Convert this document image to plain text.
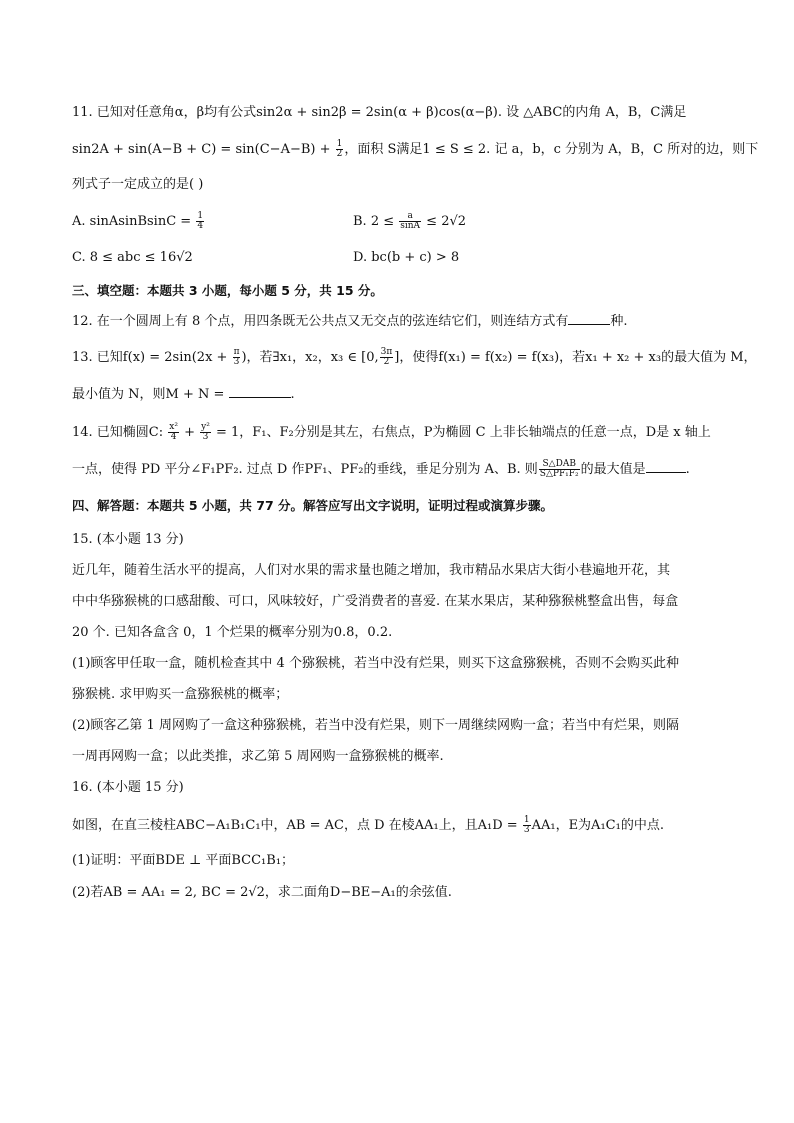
11. 已知对任意角α，β均有公式sin2α + sin2β = 2sin(α + β)cos(α−β). 设 △ABC的内角 A，B，C满足
$\sin 2A + \sin(A-B + C) = \sin(C-A-B) + \frac{1}{2}$ ，面积 S满足1 ≤ S ≤ 2. 记 a，b，c 分别为 A，B，C 所对的边，则下
列式子一定成立的是( )
A. sinAsinBsinC = $\frac{1}{4}$	B. $2 \le \frac{a}{\sin A} \le 2√2$
C. 8 ≤ abc ≤ 16√2	D. bc(b + c) > 8
三、填空题：本题共 3 小题，每小题 5 分，共 15 分。
12. 在一个圆周上有 8 个点，用四条既无公共点又无交点的弦连结它们，则连结方式有	种.
13. 已知$f(x) = 2\sin(2x + \frac{\pi}{3}$ )，若∃x₁，x₂，x₃ ∈ [0, $\frac{3\pi}{2}$ ]，使得f(x₁) = f(x₂) = f(x₃)，若x₁ + x₂ + x₃的最大值为 M，
最小值为 N，则M + N =	.
14. 已知椭圆C: $\frac{\text{x²}}{4} + \frac{\text{y²}}{3} = 1$，F₁、F₂分别是其左，右焦点，P为椭圆 C 上非长轴端点的任意一点，D是 x 轴上
一点，使得 PD 平分∠F₁PF₂. 过点 D 作PF₁、PF₂的垂线，垂足分别为 A、B. 则 $\frac{\text{S△DAB}}{\text{S△PF₁F₂}}$ 的最大值是	.
四、解答题：本题共 5 小题，共 77 分。解答应写出文字说明，证明过程或演算步骤。
15. (本小题 13 分)
近几年，随着生活水平的提高，人们对水果的需求量也随之增加，我市精品水果店大街小巷遍地开花，其
中中华猕猴桃的口感甜酸、可口，风味较好，广受消费者的喜爱. 在某水果店，某种猕猴桃整盒出售，每盒
20 个. 已知各盒含 0，1 个烂果的概率分别为0.8，0.2.
(1)顾客甲任取一盒，随机检查其中 4 个猕猴桃，若当中没有烂果，则买下这盒猕猴桃，否则不会购买此种
猕猴桃. 求甲购买一盒猕猴桃的概率；
(2)顾客乙第 1 周网购了一盒这种猕猴桃，若当中没有烂果，则下一周继续网购一盒；若当中有烂果，则隔
一周再网购一盒；以此类推，求乙第 5 周网购一盒猕猴桃的概率.
16. (本小题 15 分)
如图，在直三棱柱ABC−A₁B₁C₁中，AB = AC，点 D 在棱AA₁上，且$A_1D = \frac{1}{3} AA_1$，E为A₁C₁的中点.
(1)证明：平面BDE ⊥ 平面BCC₁B₁；
(2)若AB = AA₁ = 2, BC = 2√2，求二面角D−BE−A₁的余弦值.
